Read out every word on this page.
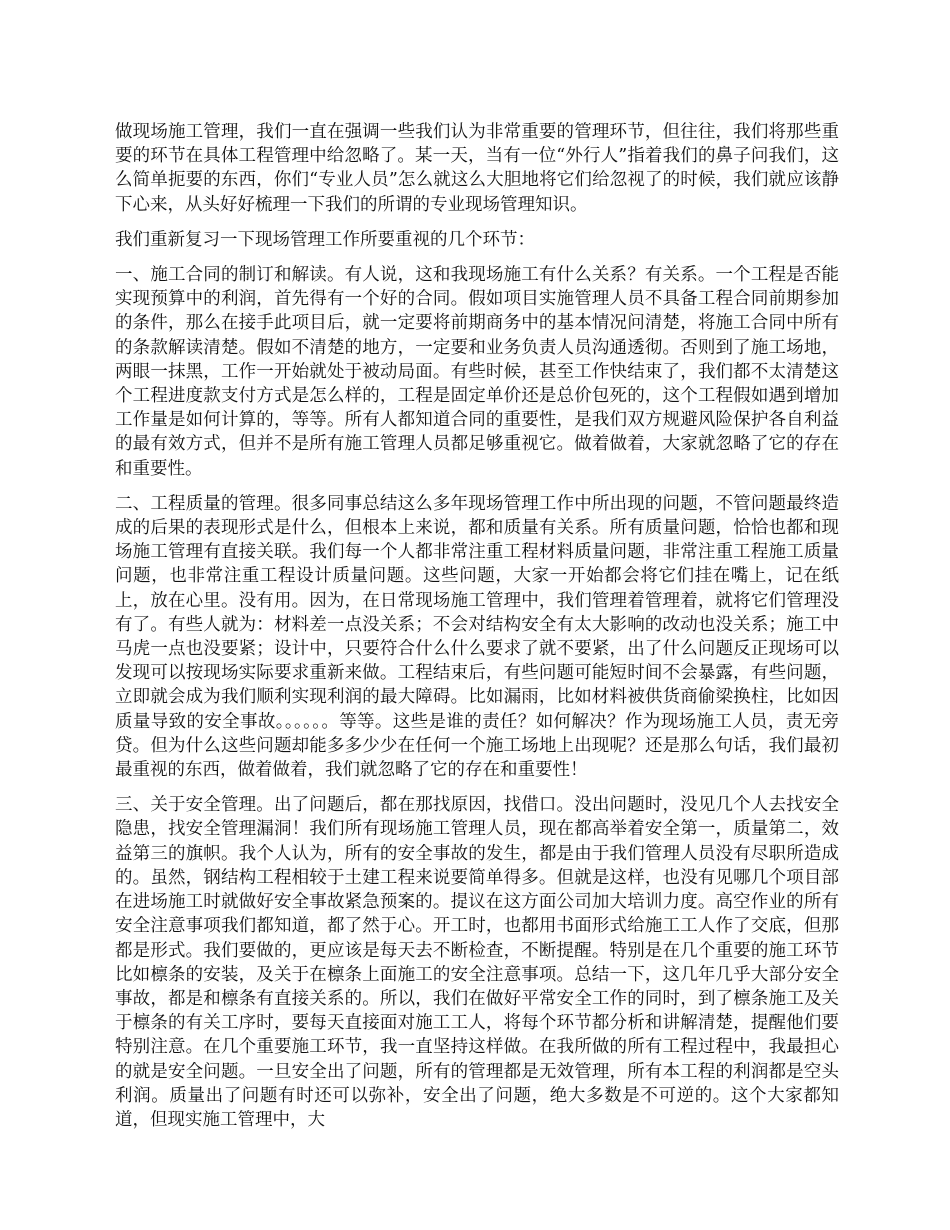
做现场施工管理，我们一直在强调一些我们认为非常重要的管理环节，但往往，我们将那些重要的环节在具体工程管理中给忽略了。某一天，当有一位“外行人”指着我们的鼻子问我们，这么简单扼要的东西，你们“专业人员”怎么就这么大胆地将它们给忽视了的时候，我们就应该静下心来，从头好好梳理一下我们的所谓的专业现场管理知识。

我们重新复习一下现场管理工作所要重视的几个环节：

一、施工合同的制订和解读。有人说，这和我现场施工有什么关系？有关系。一个工程是否能实现预算中的利润，首先得有一个好的合同。假如项目实施管理人员不具备工程合同前期参加的条件，那么在接手此项目后，就一定要将前期商务中的基本情况问清楚，将施工合同中所有的条款解读清楚。假如不清楚的地方，一定要和业务负责人员沟通透彻。否则到了施工场地，两眼一抹黑，工作一开始就处于被动局面。有些时候，甚至工作快结束了，我们都不太清楚这个工程进度款支付方式是怎么样的，工程是固定单价还是总价包死的，这个工程假如遇到增加工作量是如何计算的，等等。所有人都知道合同的重要性，是我们双方规避风险保护各自利益的最有效方式，但并不是所有施工管理人员都足够重视它。做着做着，大家就忽略了它的存在和重要性。

二、工程质量的管理。很多同事总结这么多年现场管理工作中所出现的问题，不管问题最终造成的后果的表现形式是什么，但根本上来说，都和质量有关系。所有质量问题，恰恰也都和现场施工管理有直接关联。我们每一个人都非常注重工程材料质量问题，非常注重工程施工质量问题，也非常注重工程设计质量问题。这些问题，大家一开始都会将它们挂在嘴上，记在纸上，放在心里。没有用。因为，在日常现场施工管理中，我们管理着管理着，就将它们管理没有了。有些人就为：材料差一点没关系；不会对结构安全有太大影响的改动也没关系；施工中马虎一点也没要紧；设计中，只要符合什么什么要求了就不要紧，出了什么问题反正现场可以发现可以按现场实际要求重新来做。工程结束后，有些问题可能短时间不会暴露，有些问题，立即就会成为我们顺利实现利润的最大障碍。比如漏雨，比如材料被供货商偷梁换柱，比如因质量导致的安全事故。。。。。。等等。这些是谁的责任？如何解决？作为现场施工人员，责无旁贷。但为什么这些问题却能多多少少在任何一个施工场地上出现呢？还是那么句话，我们最初最重视的东西，做着做着，我们就忽略了它的存在和重要性！

三、关于安全管理。出了问题后，都在那找原因，找借口。没出问题时，没见几个人去找安全隐患，找安全管理漏洞！我们所有现场施工管理人员，现在都高举着安全第一，质量第二，效益第三的旗帜。我个人认为，所有的安全事故的发生，都是由于我们管理人员没有尽职所造成的。虽然，钢结构工程相较于土建工程来说要简单得多。但就是这样，也没有见哪几个项目部在进场施工时就做好安全事故紧急预案的。提议在这方面公司加大培训力度。高空作业的所有安全注意事项我们都知道，都了然于心。开工时，也都用书面形式给施工工人作了交底，但那都是形式。我们要做的，更应该是每天去不断检查，不断提醒。特别是在几个重要的施工环节比如檩条的安装，及关于在檩条上面施工的安全注意事项。总结一下，这几年几乎大部分安全事故，都是和檩条有直接关系的。所以，我们在做好平常安全工作的同时，到了檩条施工及关于檩条的有关工序时，要每天直接面对施工工人，将每个环节都分析和讲解清楚，提醒他们要特别注意。在几个重要施工环节，我一直坚持这样做。在我所做的所有工程过程中，我最担心的就是安全问题。一旦安全出了问题，所有的管理都是无效管理，所有本工程的利润都是空头利润。质量出了问题有时还可以弥补，安全出了问题，绝大多数是不可逆的。这个大家都知道，但现实施工管理中，大
